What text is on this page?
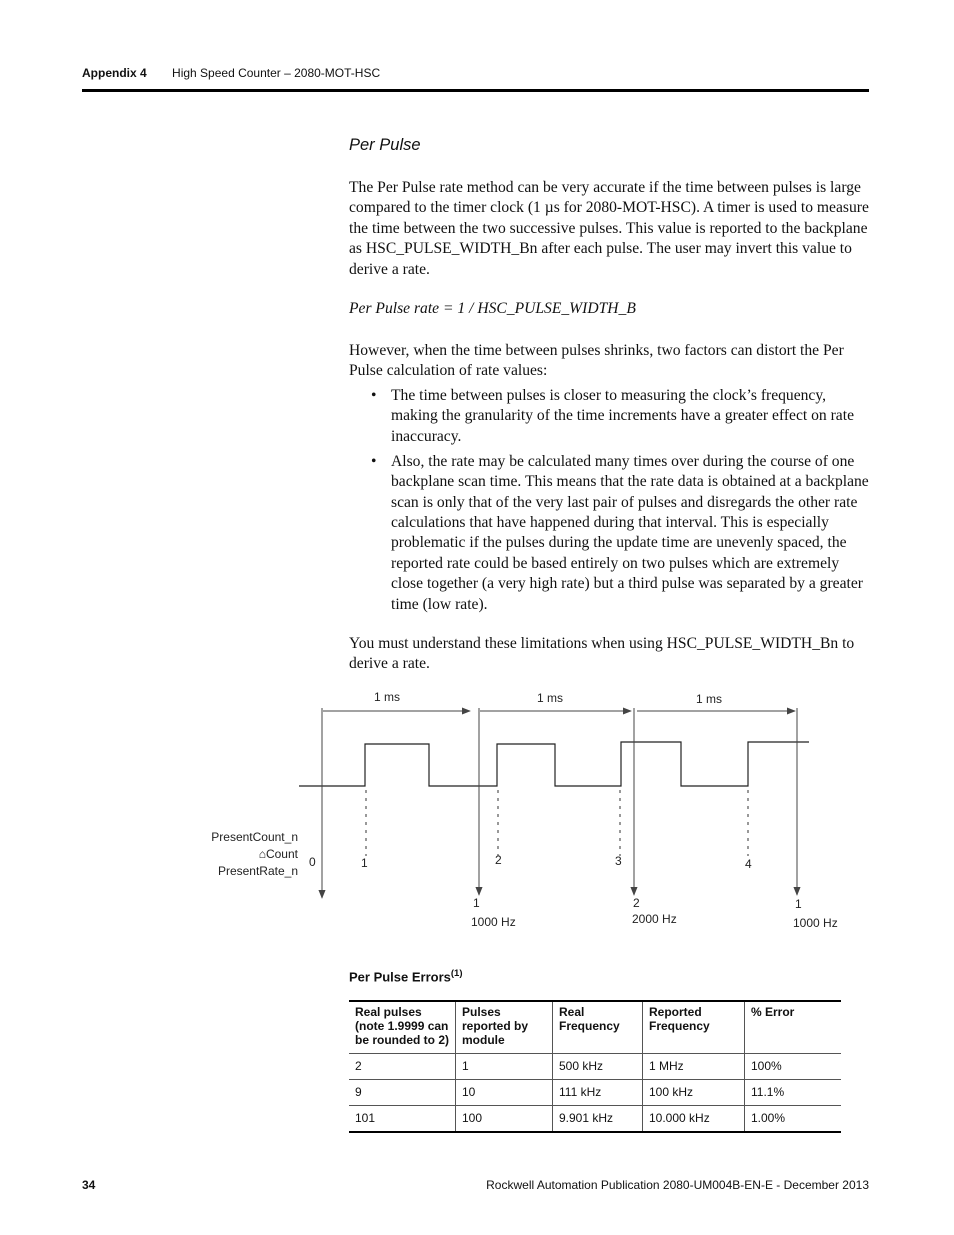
Appendix 4 High Speed Counter – 2080-MOT-HSC
Per Pulse

The Per Pulse rate method can be very accurate if the time between pulses is large compared to the timer clock (1 µs for 2080-MOT-HSC). A timer is used to measure the time between the two successive pulses. This value is reported to the backplane as HSC_PULSE_WIDTH_Bn after each pulse. The user may invert this value to derive a rate.

Per Pulse rate = 1 / HSC_PULSE_WIDTH_B

However, when the time between pulses shrinks, two factors can distort the Per Pulse calculation of rate values:

• The time between pulses is closer to measuring the clock’s frequency, making the granularity of the time increments have a greater effect on rate inaccuracy.
• Also, the rate may be calculated many times over during the course of one backplane scan time. This means that the rate data is obtained at a backplane scan is only that of the very last pair of pulses and disregards the other rate calculations that have happened during that interval. This is especially problematic if the pulses during the update time are unevenly spaced, the reported rate could be based entirely on two pulses which are extremely close together (a very high rate) but a third pulse was separated by a greater time (low rate).

You must understand these limitations when using HSC_PULSE_WIDTH_Bn to derive a rate.

1 ms	1 ms	1 ms
PresentCount_n
⌂Count
PresentRate_n
0	1	2	3	4
1	2	1
1000 Hz	2000 Hz	1000 Hz
Per Pulse Errors$^{(1)}$
Real pulses (note 1.9999 can be rounded to 2)	Pulses reported by module	Real Frequency	Reported Frequency	% Error
2	1	500 kHz	1 MHz	100%
9	10	111 kHz	100 kHz	11.1%
101	100	9.901 kHz	10.000 kHz	1.00%
34	Rockwell Automation Publication 2080-UM004B-EN-E - December 2013
